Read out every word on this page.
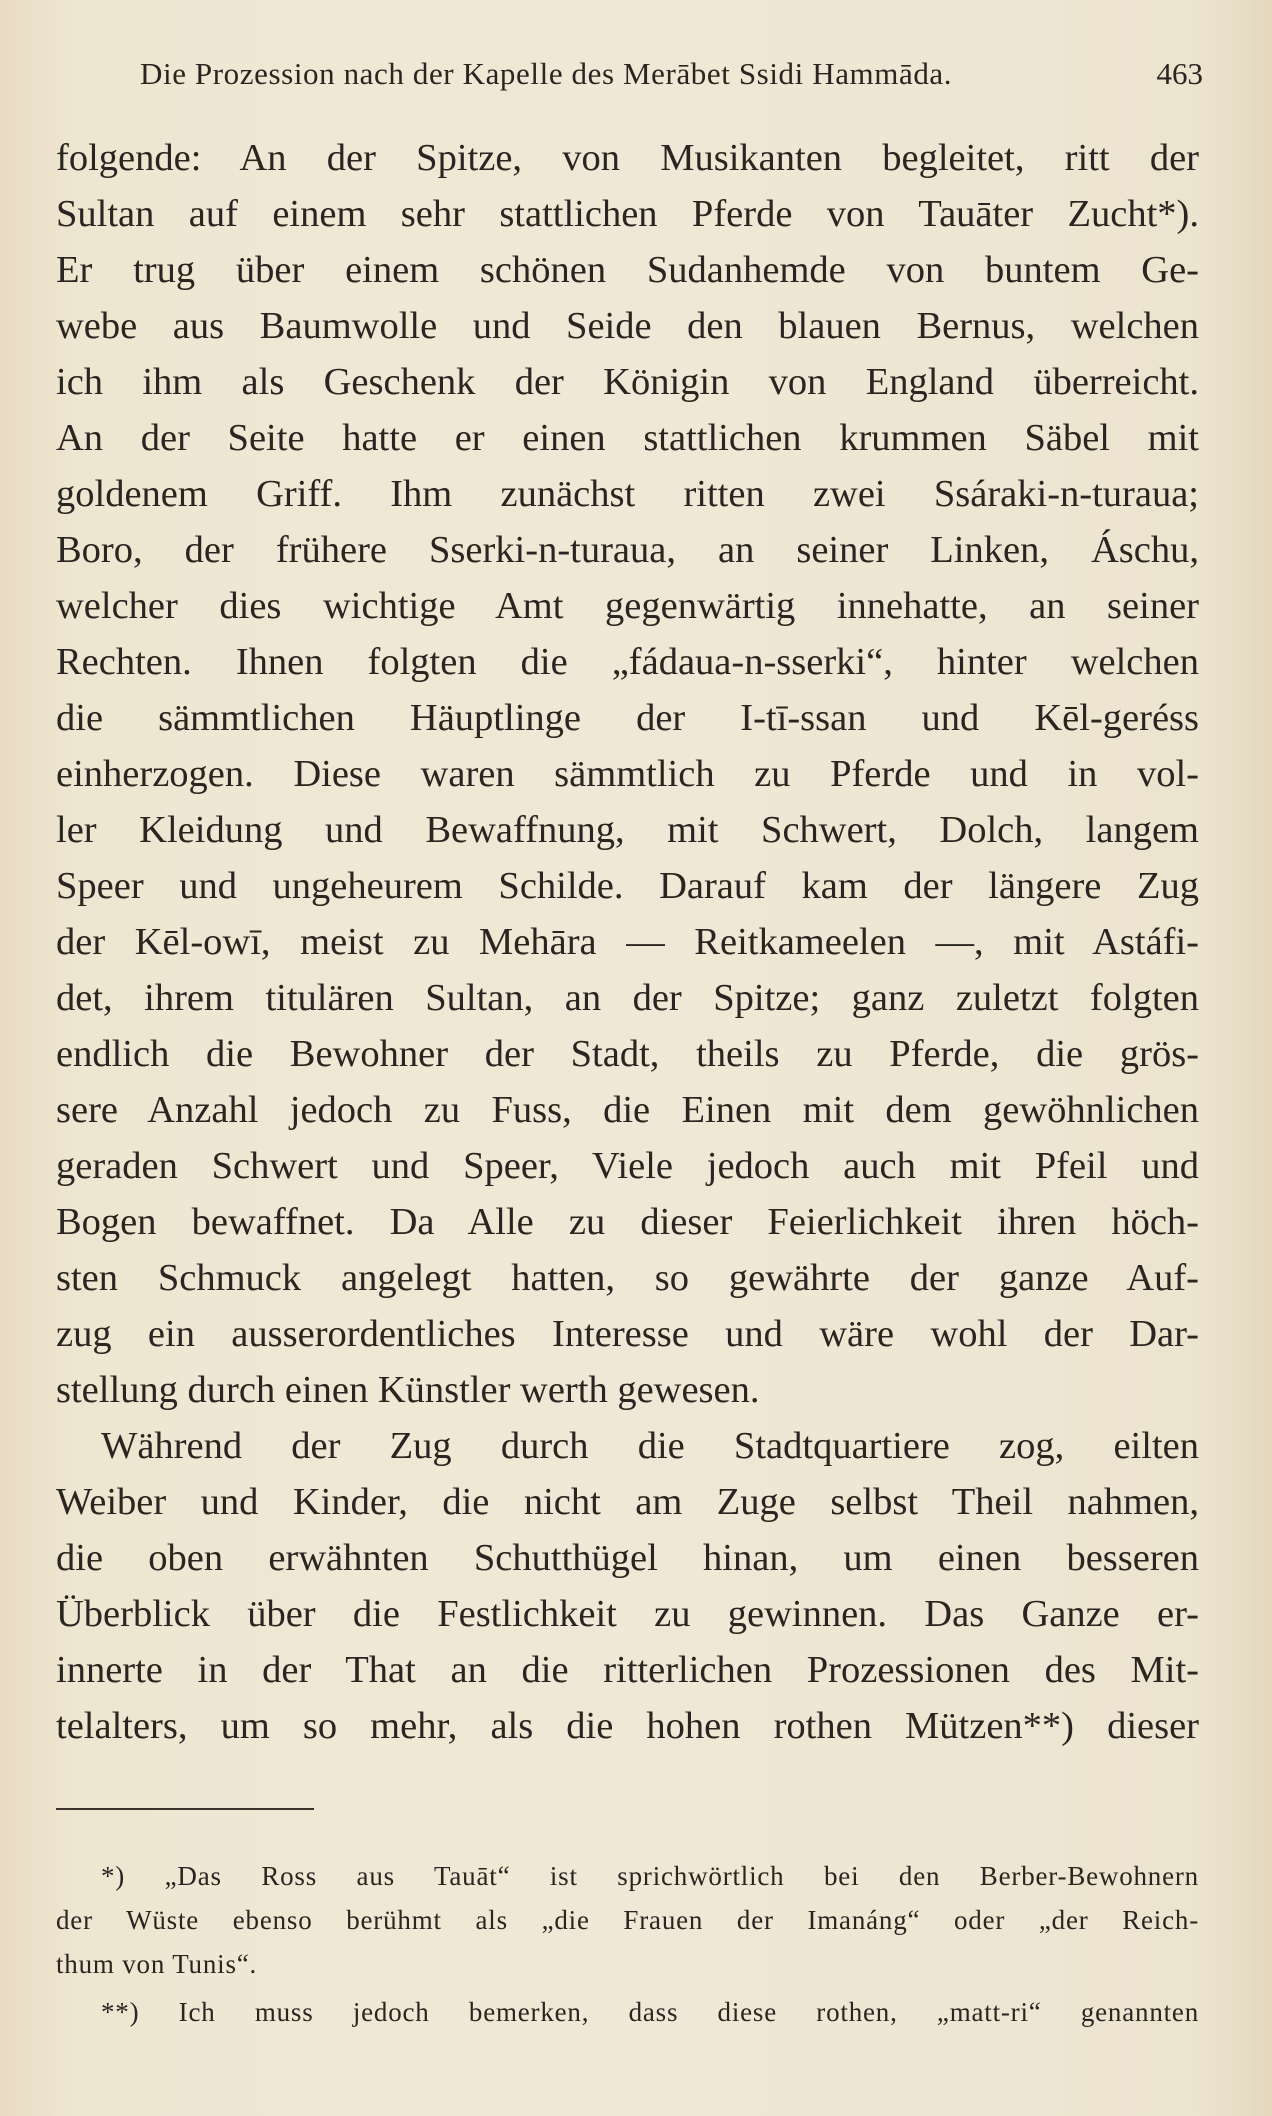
Die Prozession nach der Kapelle des Merābet Ssidi Hammāda.	463
folgende: An der Spitze, von Musikanten begleitet, ritt der
Sultan auf einem sehr stattlichen Pferde von Tauāter Zucht*).
Er trug über einem schönen Sudanhemde von buntem Ge-
webe aus Baumwolle und Seide den blauen Bernus, welchen
ich ihm als Geschenk der Königin von England überreicht.
An der Seite hatte er einen stattlichen krummen Säbel mit
goldenem Griff. Ihm zunächst ritten zwei Ssáraki-n-turaua;
Boro, der frühere Sserki-n-turaua, an seiner Linken, Áschu,
welcher dies wichtige Amt gegenwärtig innehatte, an seiner
Rechten. Ihnen folgten die „fádaua-n-sserki“, hinter welchen
die sämmtlichen Häuptlinge der I-tī-ssan und Kēl-geréss
einherzogen. Diese waren sämmtlich zu Pferde und in vol-
ler Kleidung und Bewaffnung, mit Schwert, Dolch, langem
Speer und ungeheurem Schilde. Darauf kam der längere Zug
der Kēl-owī, meist zu Mehāra — Reitkameelen —, mit Astáfi-
det, ihrem titulären Sultan, an der Spitze; ganz zuletzt folgten
endlich die Bewohner der Stadt, theils zu Pferde, die grös-
sere Anzahl jedoch zu Fuss, die Einen mit dem gewöhnlichen
geraden Schwert und Speer, Viele jedoch auch mit Pfeil und
Bogen bewaffnet. Da Alle zu dieser Feierlichkeit ihren höch-
sten Schmuck angelegt hatten, so gewährte der ganze Auf-
zug ein ausserordentliches Interesse und wäre wohl der Dar-
stellung durch einen Künstler werth gewesen.
Während der Zug durch die Stadtquartiere zog, eilten
Weiber und Kinder, die nicht am Zuge selbst Theil nahmen,
die oben erwähnten Schutthügel hinan, um einen besseren
Überblick über die Festlichkeit zu gewinnen. Das Ganze er-
innerte in der That an die ritterlichen Prozessionen des Mit-
telalters, um so mehr, als die hohen rothen Mützen**) dieser
*) „Das Ross aus Tauāt“ ist sprichwörtlich bei den Berber-Bewohnern
der Wüste ebenso berühmt als „die Frauen der Imanáng“ oder „der Reich-
thum von Tunis“.
**) Ich muss jedoch bemerken, dass diese rothen, „matt-ri“ genannten
